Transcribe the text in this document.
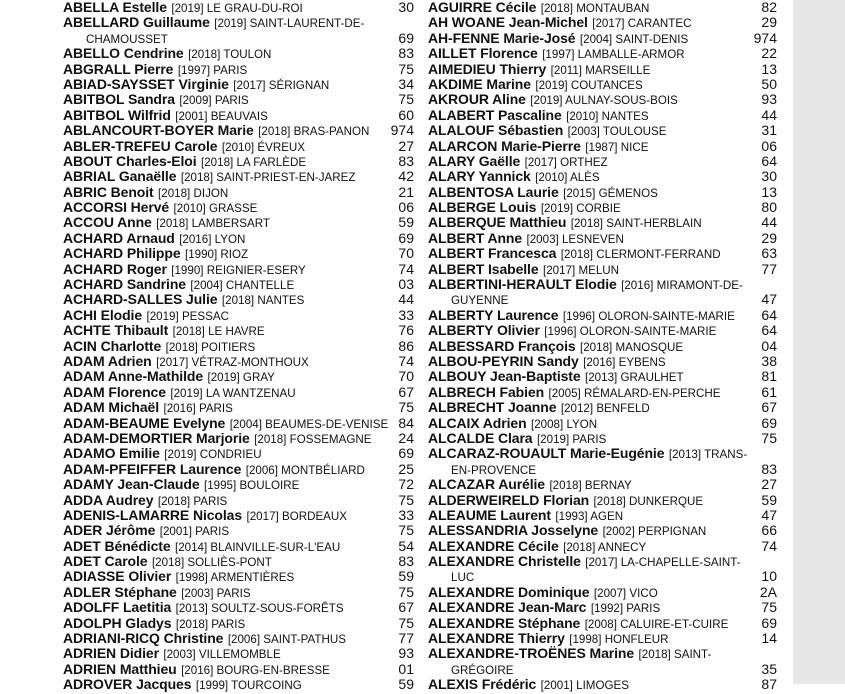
ABELLA Estelle [2019] LE GRAU-DU-ROI	30
ABELLARD Guillaume [2019] SAINT-LAURENT-DE-
CHAMOUSSET	69
ABELLO Cendrine [2018] TOULON	83
ABGRALL Pierre [1997] PARIS	75
ABIAD-SAYSSET Virginie [2017] SÉRIGNAN	34
ABITBOL Sandra [2009] PARIS	75
ABITBOL Wilfrid [2001] BEAUVAIS	60
ABLANCOURT-BOYER Marie [2018] BRAS-PANON 974
ABLER-TREFEU Carole [2010] ÉVREUX	27
ABOUT Charles-Eloi [2018] LA FARLÈDE	83
ABRIAL Ganaëlle [2018] SAINT-PRIEST-EN-JAREZ	42
ABRIC Benoit [2018] DIJON	21
ACCORSI Hervé [2010] GRASSE	06
ACCOU Anne [2018] LAMBERSART	59
ACHARD Arnaud [2016] LYON	69
ACHARD Philippe [1990] RIOZ	70
ACHARD Roger [1990] REIGNIER-ESERY	74
ACHARD Sandrine [2004] CHANTELLE	03
ACHARD-SALLES Julie [2018] NANTES	44
ACHI Elodie [2019] PESSAC	33
ACHTE Thibault [2018] LE HAVRE	76
ACIN Charlotte [2018] POITIERS	86
ADAM Adrien [2017] VÉTRAZ-MONTHOUX	74
ADAM Anne-Mathilde [2019] GRAY	70
ADAM Florence [2019] LA WANTZENAU	67
ADAM Michaël [2016] PARIS	75
ADAM-BEAUME Evelyne [2004] BEAUMES-DE-VENISE 84
ADAM-DEMORTIER Marjorie [2018] FOSSEMAGNE 24
ADAMO Emilie [2019] CONDRIEU	69
ADAM-PFEIFFER Laurence [2006] MONTBÉLIARD 25
ADAMY Jean-Claude [1995] BOULOIRE	72
ADDA Audrey [2018] PARIS	75
ADENIS-LAMARRE Nicolas [2017] BORDEAUX	33
ADER Jérôme [2001] PARIS	75
ADET Bénédicte [2014] BLAINVILLE-SUR-L'EAU	54
ADET Carole [2018] SOLLIÈS-PONT	83
ADIASSE Olivier [1998] ARMENTIÈRES	59
ADLER Stéphane [2003] PARIS	75
ADOLFF Laetitia [2013] SOULTZ-SOUS-FORÊTS	67
ADOLPH Gladys [2018] PARIS	75
ADRIANI-RICQ Christine [2006] SAINT-PATHUS	77
ADRIEN Didier [2003] VILLEMOMBLE	93
ADRIEN Matthieu [2016] BOURG-EN-BRESSE	01
ADROVER Jacques [1999] TOURCOING	59
AGUIRRE Cécile [2018] MONTAUBAN	82
AH WOANE Jean-Michel [2017] CARANTEC	29
AH-FENNE Marie-José [2004] SAINT-DENIS	974
AILLET Florence [1997] LAMBALLE-ARMOR	22
AIMEDIEU Thierry [2011] MARSEILLE	13
AKDIME Marine [2019] COUTANCES	50
AKROUR Aline [2019] AULNAY-SOUS-BOIS	93
ALABERT Pascaline [2010] NANTES	44
ALALOUF Sébastien [2003] TOULOUSE	31
ALARCON Marie-Pierre [1987] NICE	06
ALARY Gaëlle [2017] ORTHEZ	64
ALARY Yannick [2010] ALÈS	30
ALBENTOSA Laurie [2015] GÉMENOS	13
ALBERGE Louis [2019] CORBIE	80
ALBERQUE Matthieu [2018] SAINT-HERBLAIN	44
ALBERT Anne [2003] LESNEVEN	29
ALBERT Francesca [2018] CLERMONT-FERRAND	63
ALBERT Isabelle [2017] MELUN	77
ALBERTINI-HERAULT Elodie [2016] MIRAMONT-DE-
GUYENNE	47
ALBERTY Laurence [1996] OLORON-SAINTE-MARIE 64
ALBERTY Olivier [1996] OLORON-SAINTE-MARIE	64
ALBESSARD François [2018] MANOSQUE	04
ALBOU-PEYRIN Sandy [2016] EYBENS	38
ALBOUY Jean-Baptiste [2013] GRAULHET	81
ALBRECH Fabien [2005] RÉMALARD-EN-PERCHE	61
ALBRECHT Joanne [2012] BENFELD	67
ALCAIX Adrien [2008] LYON	69
ALCALDE Clara [2019] PARIS	75
ALCARAZ-ROUAULT Marie-Eugénie [2013] TRANS-
EN-PROVENCE	83
ALCAZAR Aurélie [2018] BERNAY	27
ALDERWEIRELD Florian [2018] DUNKERQUE	59
ALEAUME Laurent [1993] AGEN	47
ALESSANDRIA Josselyne [2002] PERPIGNAN	66
ALEXANDRE Cécile [2018] ANNECY	74
ALEXANDRE Christelle [2017] LA-CHAPELLE-SAINT-
LUC	10
ALEXANDRE Dominique [2007] VICO	2A
ALEXANDRE Jean-Marc [1992] PARIS	75
ALEXANDRE Stéphane [2008] CALUIRE-ET-CUIRE 69
ALEXANDRE Thierry [1998] HONFLEUR	14
ALEXANDRE-TROËNES Marine [2018] SAINT-
GRÉGOIRE	35
ALEXIS Frédéric [2001] LIMOGES	87
